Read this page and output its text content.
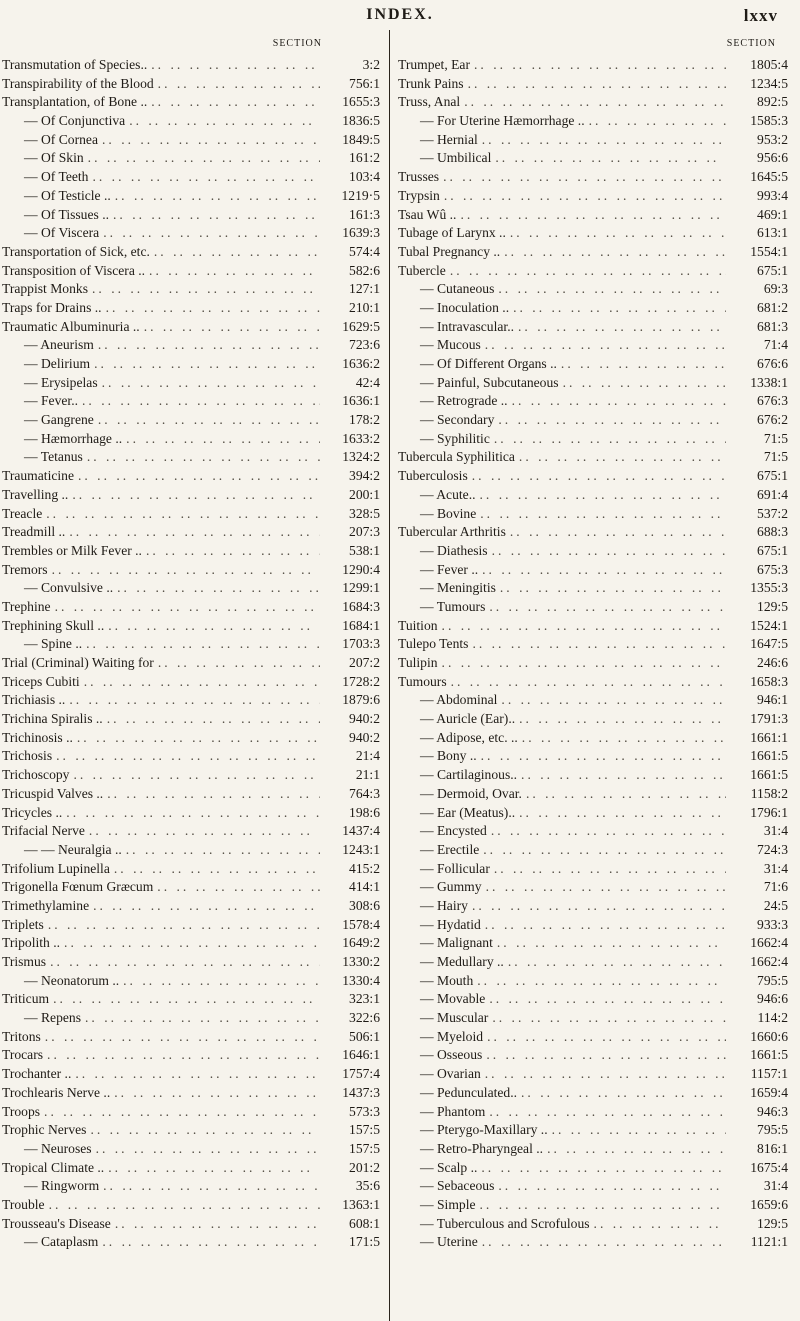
INDEX.	lxxv
SECTION
Transmutation of Species.. .. ..	3:2
Transpirability of the Blood .. ..	756:1
Transplantation, of Bone .. .. ..	1655:3
— Of Conjunctiva .. ..	1836:5
— Of Cornea .. ..	1849:5
— Of Skin .. ..	161:2
— Of Teeth .. ..	103:4
— Of Testicle .. .. ..	1219·5
— Of Tissues .. .. ..	161:3
— Of Viscera .. ..	1639:3
Transportation of Sick, etc. .. ..	574:4
Transposition of Viscera .. .. ..	582:6
Trappist Monks .. ..	127:1
Traps for Drains .. .. ..	210:1
Traumatic Albuminuria .. .. ..	1629:5
— Aneurism .. ..	723:6
— Delirium .. ..	1636:2
— Erysipelas .. ..	42:4
— Fever.. .. ..	1636:1
— Gangrene .. ..	178:2
— Hæmorrhage .. .. ..	1633:2
— Tetanus .. ..	1324:2
Traumaticine .. ..	394:2
Travelling .. .. ..	200:1
Treacle .. ..	328:5
Treadmill .. .. ..	207:3
Trembles or Milk Fever .. .. ..	538:1
Tremors .. ..	1290:4
— Convulsive .. .. ..	1299:1
Trephine .. ..	1684:3
Trephining Skull .. .. ..	1684:1
— Spine .. .. ..	1703:3
Trial (Criminal) Waiting for .. ..	207:2
Triceps Cubiti .. ..	1728:2
Trichiasis .. .. ..	1879:6
Trichina Spiralis .. .. ..	940:2
Trichinosis .. .. ..	940:2
Trichosis .. ..	21:4
Trichoscopy .. ..	21:1
Tricuspid Valves .. .. ..	764:3
Tricycles .. .. ..	198:6
Trifacial Nerve .. ..	1437:4
— — Neuralgia .. .. ..	1243:1
Trifolium Lupinella .. ..	415:2
Trigonella Fœnum Græcum .. ..	414:1
Trimethylamine .. ..	308:6
Triplets .. ..	1578:4
Tripolith .. .. ..	1649:2
Trismus .. ..	1330:2
— Neonatorum .. .. ..	1330:4
Triticum .. ..	323:1
— Repens .. ..	322:6
Tritons .. ..	506:1
Trocars .. ..	1646:1
Trochanter .. .. ..	1757:4
Trochlearis Nerve .. .. ..	1437:3
Troops .. ..	573:3
Trophic Nerves .. ..	157:5
— Neuroses .. ..	157:5
Tropical Climate .. .. ..	201:2
— Ringworm .. ..	35:6
Trouble .. ..	1363:1
Trousseau's Disease .. ..	608:1
— Cataplasm .. ..	171:5
SECTION
Trumpet, Ear .. ..	1805:4
Trunk Pains .. ..	1234:5
Truss, Anal .. ..	892:5
— For Uterine Hæmorrhage .. .. ..	1585:3
— Hernial .. ..	953:2
— Umbilical .. ..	956:6
Trusses .. ..	1645:5
Trypsin .. ..	993:4
Tsau Wû .. .. ..	469:1
Tubage of Larynx .. .. ..	613:1
Tubal Pregnancy .. .. ..	1554:1
Tubercle .. ..	675:1
— Cutaneous .. ..	69:3
— Inoculation .. .. ..	681:2
— Intravascular.. .. ..	681:3
— Mucous .. ..	71:4
— Of Different Organs .. .. ..	676:6
— Painful, Subcutaneous .. ..	1338:1
— Retrograde .. .. ..	676:3
— Secondary .. ..	676:2
— Syphilitic .. ..	71:5
Tubercula Syphilitica .. ..	71:5
Tuberculosis .. ..	675:1
— Acute.. .. ..	691:4
— Bovine .. ..	537:2
Tubercular Arthritis .. ..	688:3
— Diathesis .. ..	675:1
— Fever .. .. ..	675:3
— Meningitis .. ..	1355:3
— Tumours .. ..	129:5
Tuition .. ..	1524:1
Tulepo Tents .. ..	1647:5
Tulipin .. ..	246:6
Tumours .. ..	1658:3
— Abdominal .. ..	946:1
— Auricle (Ear).. .. ..	1791:3
— Adipose, etc. .. .. ..	1661:1
— Bony .. .. ..	1661:5
— Cartilaginous.. .. ..	1661:5
— Dermoid, Ovar. .. ..	1158:2
— Ear (Meatus).. .. ..	1796:1
— Encysted .. ..	31:4
— Erectile .. ..	724:3
— Follicular .. ..	31:4
— Gummy .. ..	71:6
— Hairy .. ..	24:5
— Hydatid .. ..	933:3
— Malignant .. ..	1662:4
— Medullary .. .. ..	1662:4
— Mouth .. ..	795:5
— Movable .. ..	946:6
— Muscular .. ..	114:2
— Myeloid .. ..	1660:6
— Osseous .. ..	1661:5
— Ovarian .. ..	1157:1
— Pedunculated.. .. ..	1659:4
— Phantom .. ..	946:3
— Pterygo-Maxillary .. .. ..	795:5
— Retro-Pharyngeal .. .. ..	816:1
— Scalp .. .. ..	1675:4
— Sebaceous .. ..	31:4
— Simple .. ..	1659:6
— Tuberculous and Scrofulous .. ..	129:5
— Uterine .. ..	1121:1
